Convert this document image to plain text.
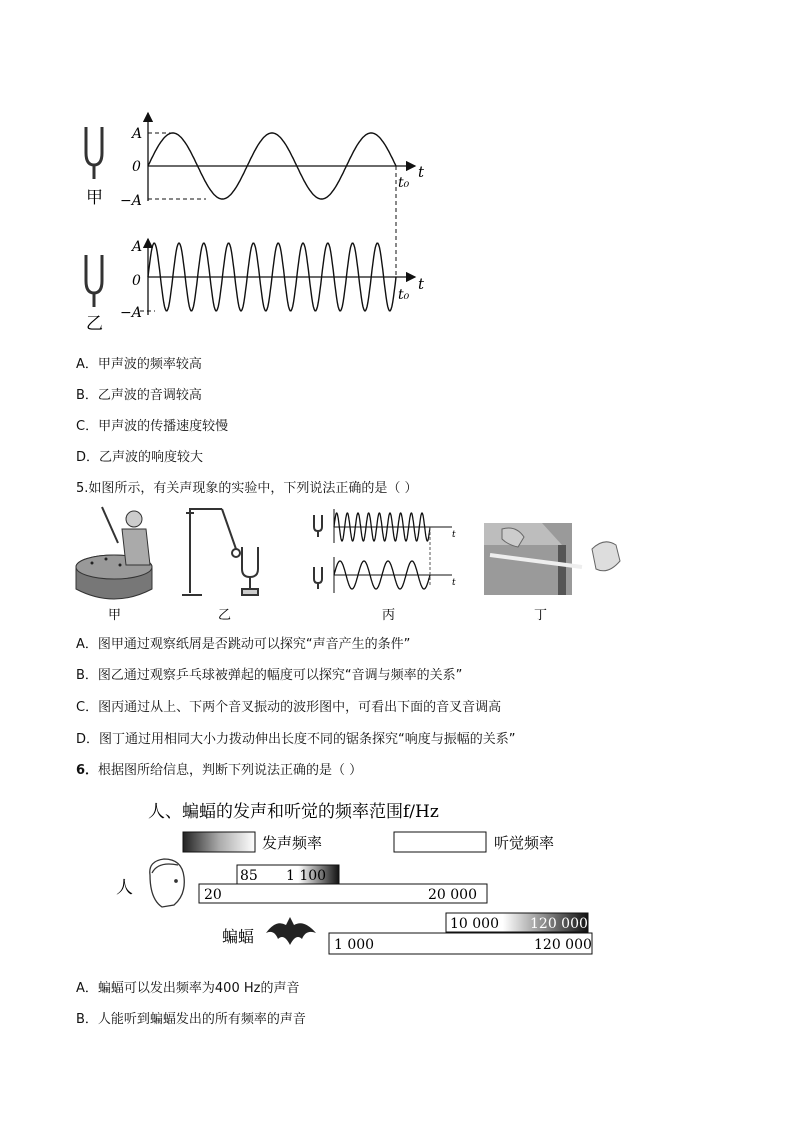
甲
A
0
−A
t
t₀
乙
A
0
−A
t
t₀
A．甲声波的频率较高
B．乙声波的音调较高
C．甲声波的传播速度较慢
D．乙声波的响度较大
5.如图所示，有关声现象的实验中，下列说法正确的是（ ）
甲	乙
t
t
丙	丁
A．图甲通过观察纸屑是否跳动可以探究“声音产生的条件”
B．图乙通过观察乒乓球被弹起的幅度可以探究“音调与频率的关系”
C．图丙通过从上、下两个音叉振动的波形图中，可看出下面的音叉音调高
D．图丁通过用相同大小力拨动伸出长度不同的锯条探究“响度与振幅的关系”
6．根据图所给信息，判断下列说法正确的是（ ）
人、蝙蝠的发声和听觉的频率范围f/Hz
发声频率	听觉频率
人
85 1 100
20	20 000
蝙蝠
10 000 120 000
1 000	120 000
A．蝙蝠可以发出频率为400 Hz的声音
B．人能听到蝙蝠发出的所有频率的声音
